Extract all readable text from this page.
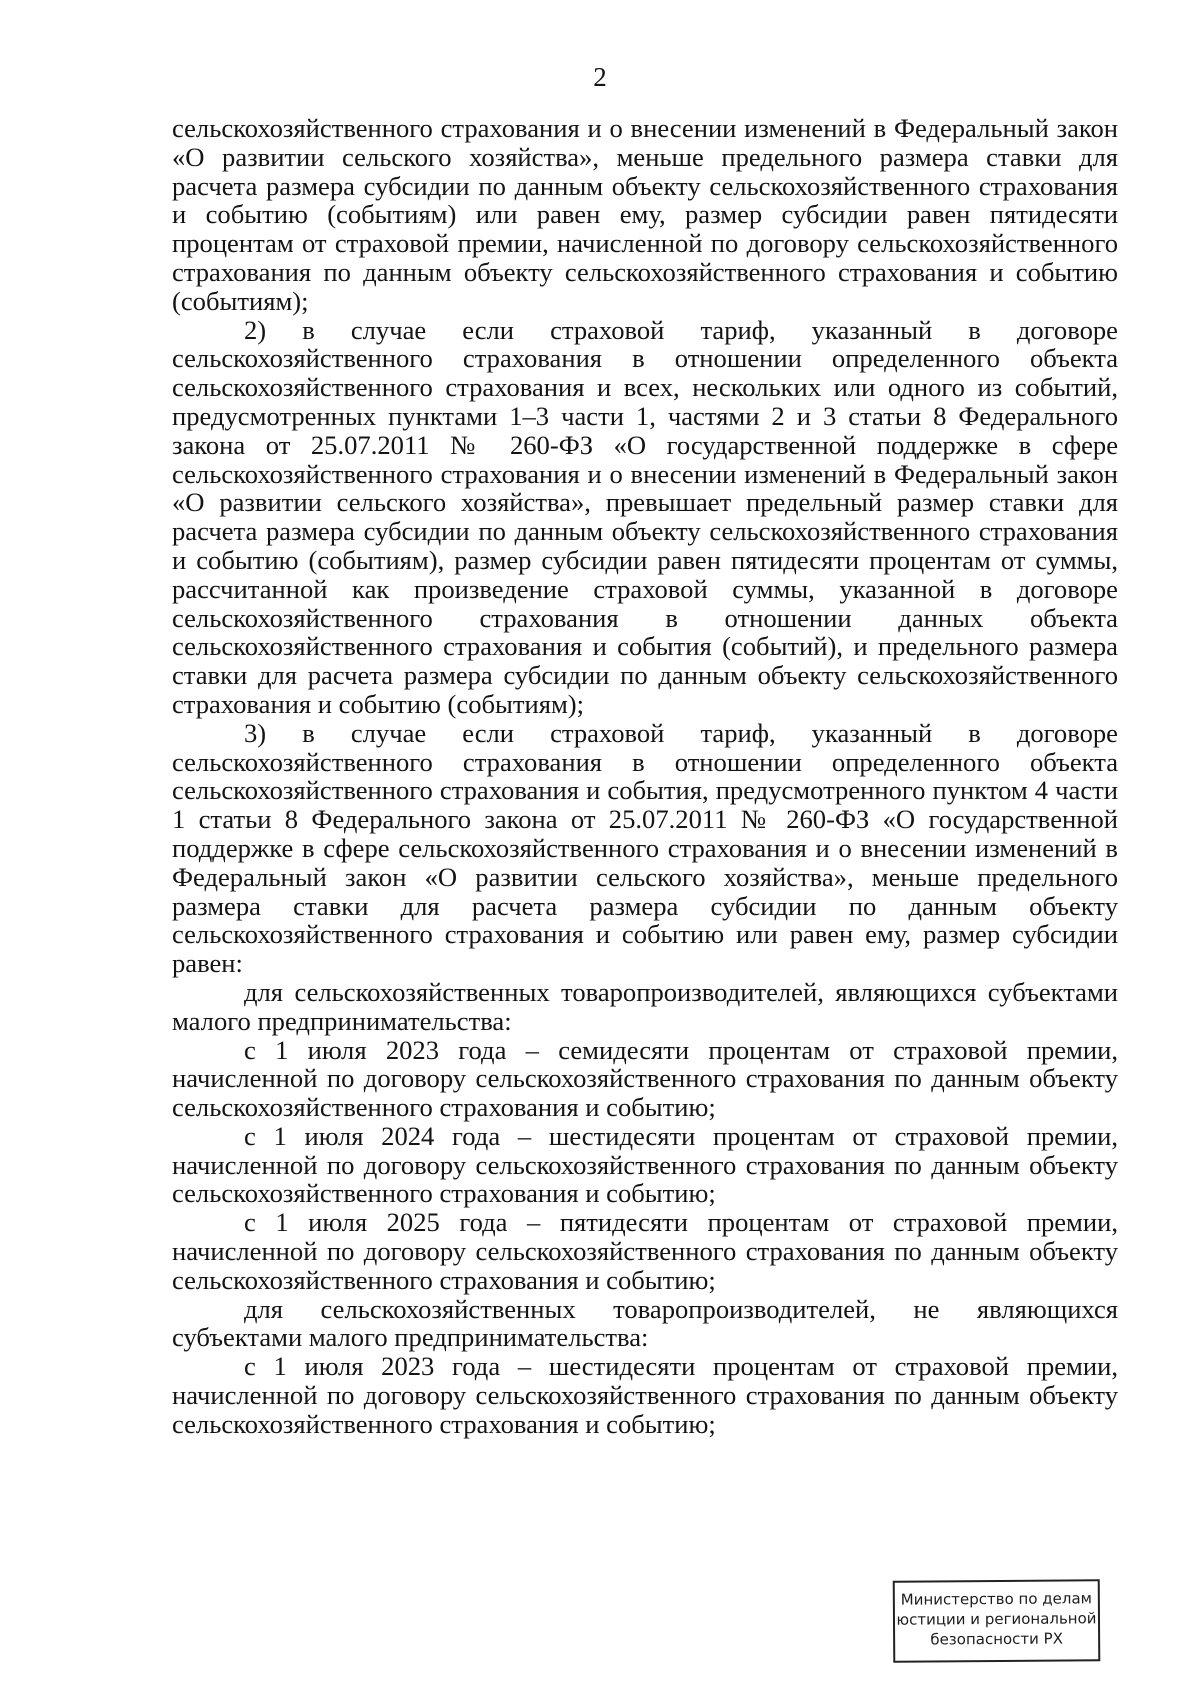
2

сельскохозяйственного страхования и о внесении изменений в Федеральный закон «О развитии сельского хозяйства», меньше предельного размера ставки для расчета размера субсидии по данным объекту сельскохозяйственного страхования и событию (событиям) или равен ему, размер субсидии равен пятидесяти процентам от страховой премии, начисленной по договору сельскохозяйственного страхования по данным объекту сельскохозяйственного страхования и событию (событиям);

2) в случае если страховой тариф, указанный в договоре сельскохозяйственного страхования в отношении определенного объекта сельскохозяйственного страхования и всех, нескольких или одного из событий, предусмотренных пунктами 1–3 части 1, частями 2 и 3 статьи 8 Федерального закона от 25.07.2011 № 260-ФЗ «О государственной поддержке в сфере сельскохозяйственного страхования и о внесении изменений в Федеральный закон «О развитии сельского хозяйства», превышает предельный размер ставки для расчета размера субсидии по данным объекту сельскохозяйственного страхования и событию (событиям), размер субсидии равен пятидесяти процентам от суммы, рассчитанной как произведение страховой суммы, указанной в договоре сельскохозяйственного страхования в отношении данных объекта сельскохозяйственного страхования и события (событий), и предельного размера ставки для расчета размера субсидии по данным объекту сельскохозяйственного страхования и событию (событиям);

3) в случае если страховой тариф, указанный в договоре сельскохозяйственного страхования в отношении определенного объекта сельскохозяйственного страхования и события, предусмотренного пунктом 4 части 1 статьи 8 Федерального закона от 25.07.2011 № 260-ФЗ «О государственной поддержке в сфере сельскохозяйственного страхования и о внесении изменений в Федеральный закон «О развитии сельского хозяйства», меньше предельного размера ставки для расчета размера субсидии по данным объекту сельскохозяйственного страхования и событию или равен ему, размер субсидии равен:

для сельскохозяйственных товаропроизводителей, являющихся субъектами малого предпринимательства:

с 1 июля 2023 года – семидесяти процентам от страховой премии, начисленной по договору сельскохозяйственного страхования по данным объекту сельскохозяйственного страхования и событию;

с 1 июля 2024 года – шестидесяти процентам от страховой премии, начисленной по договору сельскохозяйственного страхования по данным объекту сельскохозяйственного страхования и событию;

с 1 июля 2025 года – пятидесяти процентам от страховой премии, начисленной по договору сельскохозяйственного страхования по данным объекту сельскохозяйственного страхования и событию;

для сельскохозяйственных товаропроизводителей, не являющихся субъектами малого предпринимательства:

с 1 июля 2023 года – шестидесяти процентам от страховой премии, начисленной по договору сельскохозяйственного страхования по данным объекту сельскохозяйственного страхования и событию;

Министерство по делам
юстиции и региональной
безопасности РХ
